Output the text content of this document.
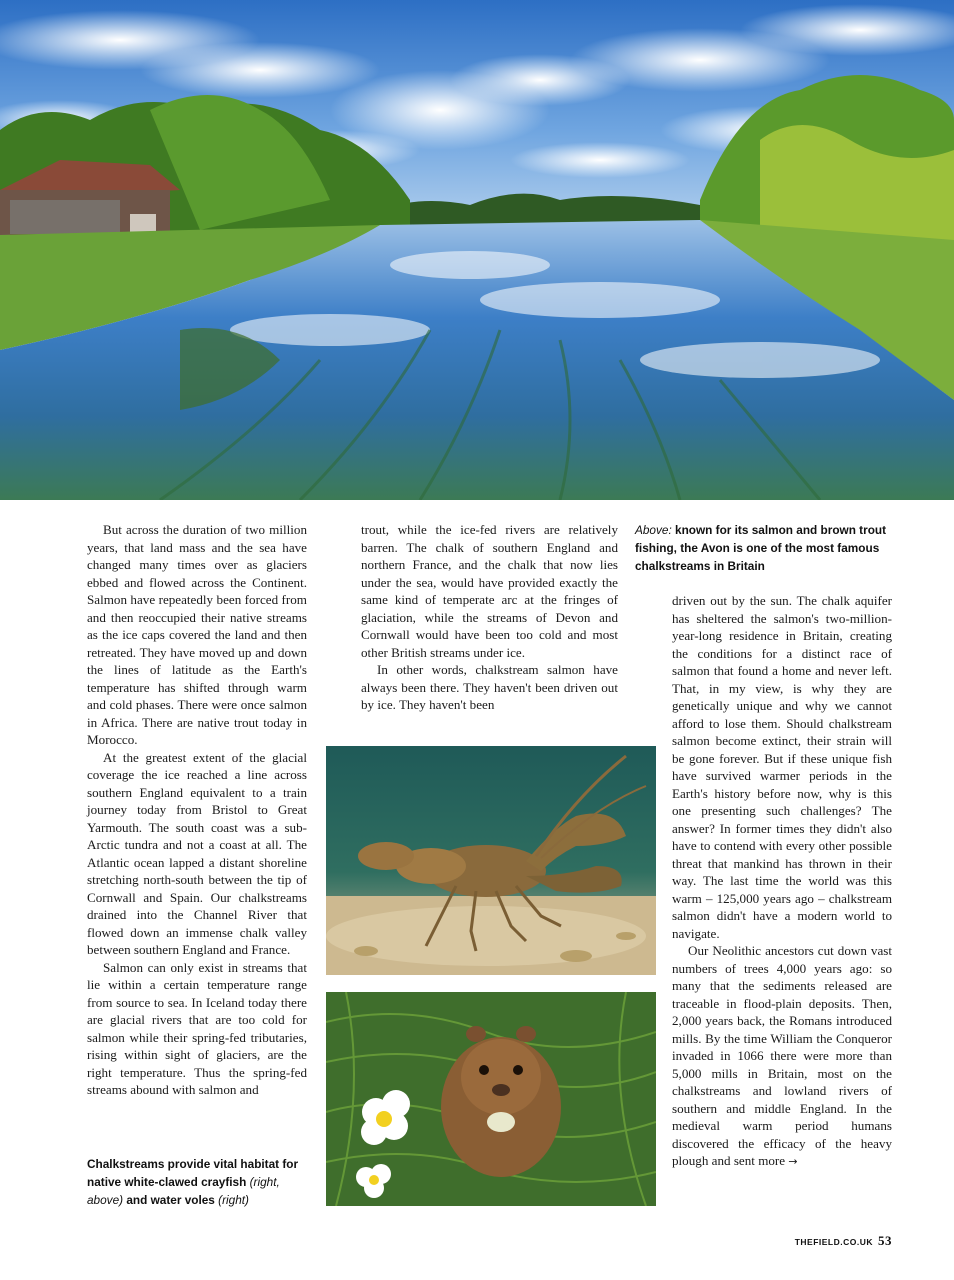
But across the duration of two million years, that land mass and the sea have changed many times over as glaciers ebbed and flowed across the Continent. Salmon have repeatedly been forced from and then reoccupied their native streams as the ice caps covered the land and then retreated. They have moved up and down the lines of latitude as the Earth's temperature has shifted through warm and cold phases. There were once salmon in Africa. There are native trout today in Morocco.

At the greatest extent of the glacial coverage the ice reached a line across southern England equivalent to a train journey today from Bristol to Great Yarmouth. The south coast was a sub-Arctic tundra and not a coast at all. The Atlantic ocean lapped a distant shoreline stretching north-south between the tip of Cornwall and Spain. Our chalkstreams drained into the Channel River that flowed down an immense chalk valley between southern England and France.

Salmon can only exist in streams that lie within a certain temperature range from source to sea. In Iceland today there are glacial rivers that are too cold for salmon while their spring-fed tributaries, rising within sight of glaciers, are the right temperature. Thus the spring-fed streams abound with salmon and

trout, while the ice-fed rivers are relatively barren. The chalk of southern England and northern France, and the chalk that now lies under the sea, would have provided exactly the same kind of temperate arc at the fringes of glaciation, while the streams of Devon and Cornwall would have been too cold and most other British streams under ice.

In other words, chalkstream salmon have always been there. They haven't been driven out by ice. They haven't been

Above: known for its salmon and brown trout fishing, the Avon is one of the most famous chalkstreams in Britain

driven out by the sun. The chalk aquifer has sheltered the salmon's two-million-year-long residence in Britain, creating the conditions for a distinct race of salmon that found a home and never left. That, in my view, is why they are genetically unique and why we cannot afford to lose them. Should chalkstream salmon become extinct, their strain will be gone forever. But if these unique fish have survived warmer periods in the Earth's history before now, why is this one presenting such challenges? The answer? In former times they didn't also have to contend with every other possible threat that mankind has thrown in their way. The last time the world was this warm – 125,000 years ago – chalkstream salmon didn't have a modern world to navigate.

Our Neolithic ancestors cut down vast numbers of trees 4,000 years ago: so many that the sediments released are traceable in flood-plain deposits. Then, 2,000 years back, the Romans introduced mills. By the time William the Conqueror invaded in 1066 there were more than 5,000 mills in Britain, most on the chalkstreams and lowland rivers of southern and middle England. In the medieval warm period humans discovered the efficacy of the heavy plough and sent more →

Chalkstreams provide vital habitat for native white-clawed crayfish (right, above) and water voles (right)
THEFIELD.CO.UK 53
